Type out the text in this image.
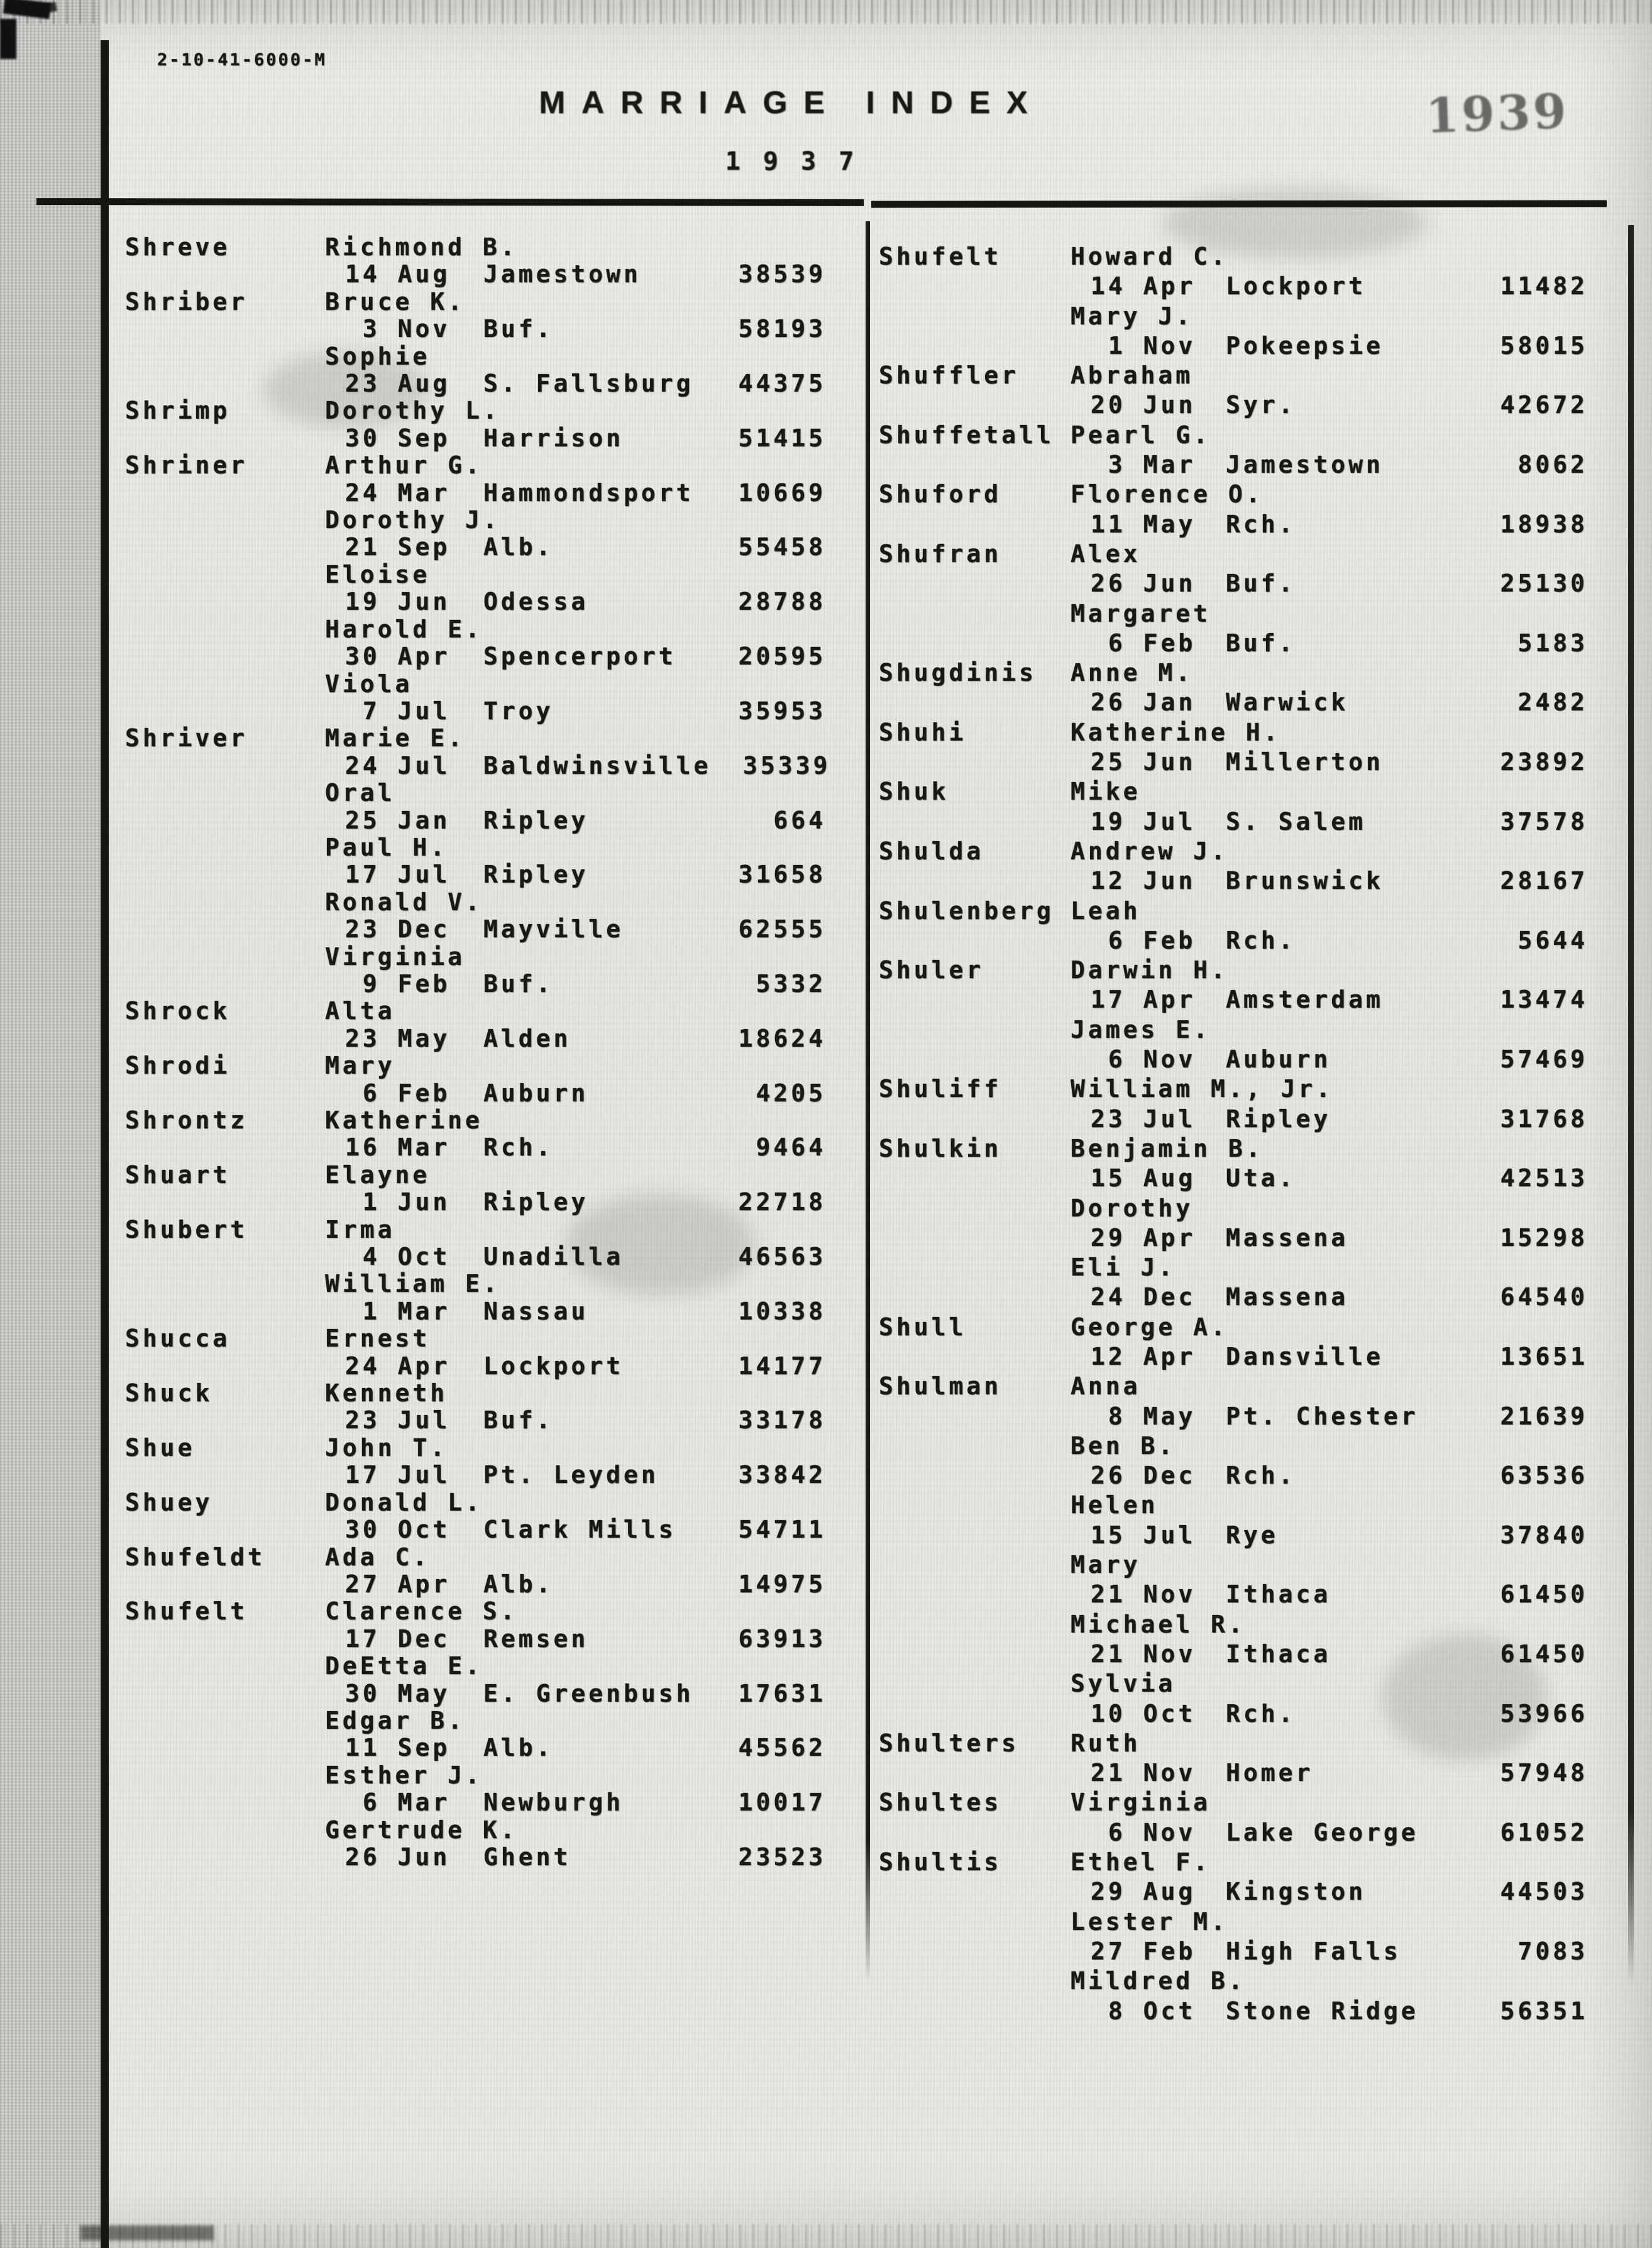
2-10-41-6000-M
MARRIAGE INDEX	1939
1 9 3 7
Shreve	Richmond B.
14 Aug	Jamestown	38539
Shriber	Bruce K.
3 Nov	Buf.	58193
Sophie
23 Aug	S. Fallsburg	44375
Shrimp	Dorothy L.
30 Sep	Harrison	51415
Shriner	Arthur G.
24 Mar	Hammondsport	10669
Dorothy J.
21 Sep	Alb.	55458
Eloise
19 Jun	Odessa	28788
Harold E.
30 Apr	Spencerport	20595
Viola
7 Jul	Troy	35953
Shriver	Marie E.
24 Jul	Baldwinsville	35339
Oral
25 Jan	Ripley	664
Paul H.
17 Jul	Ripley	31658
Ronald V.
23 Dec	Mayville	62555
Virginia
9 Feb	Buf.	5332
Shrock	Alta
23 May	Alden	18624
Shrodi	Mary
6 Feb	Auburn	4205
Shrontz	Katherine
16 Mar	Rch.	9464
Shuart	Elayne
1 Jun	Ripley	22718
Shubert	Irma
4 Oct	Unadilla	46563
William E.
1 Mar	Nassau	10338
Shucca	Ernest
24 Apr	Lockport	14177
Shuck	Kenneth
23 Jul	Buf.	33178
Shue	John T.
17 Jul	Pt. Leyden	33842
Shuey	Donald L.
30 Oct	Clark Mills	54711
Shufeldt	Ada C.
27 Apr	Alb.	14975
Shufelt	Clarence S.
17 Dec	Remsen	63913
DeEtta E.
30 May	E. Greenbush	17631
Edgar B.
11 Sep	Alb.	45562
Esther J.
6 Mar	Newburgh	10017
Gertrude K.
26 Jun	Ghent	23523
Shufelt	Howard C.
14 Apr	Lockport	11482
Mary J.
1 Nov	Pokeepsie	58015
Shuffler	Abraham
20 Jun	Syr.	42672
Shuffetall Pearl G.
3 Mar	Jamestown	8062
Shuford	Florence O.
11 May	Rch.	18938
Shufran	Alex
26 Jun	Buf.	25130
Margaret
6 Feb	Buf.	5183
Shugdinis	Anne M.
26 Jan	Warwick	2482
Shuhi	Katherine H.
25 Jun	Millerton	23892
Shuk	Mike
19 Jul	S. Salem	37578
Shulda	Andrew J.
12 Jun	Brunswick	28167
Shulenberg Leah
6 Feb	Rch.	5644
Shuler	Darwin H.
17 Apr	Amsterdam	13474
James E.
6 Nov	Auburn	57469
Shuliff	William M., Jr.
23 Jul	Ripley	31768
Shulkin	Benjamin B.
15 Aug	Uta.	42513
Dorothy
29 Apr	Massena	15298
Eli J.
24 Dec	Massena	64540
Shull	George A.
12 Apr	Dansville	13651
Shulman	Anna
8 May	Pt. Chester	21639
Ben B.
26 Dec	Rch.	63536
Helen
15 Jul	Rye	37840
Mary
21 Nov	Ithaca	61450
Michael R.
21 Nov	Ithaca	61450
Sylvia
10 Oct	Rch.	53966
Shulters	Ruth
21 Nov	Homer	57948
Shultes	Virginia
6 Nov	Lake George	61052
Shultis	Ethel F.
29 Aug	Kingston	44503
Lester M.
27 Feb	High Falls	7083
Mildred B.
8 Oct	Stone Ridge	56351
